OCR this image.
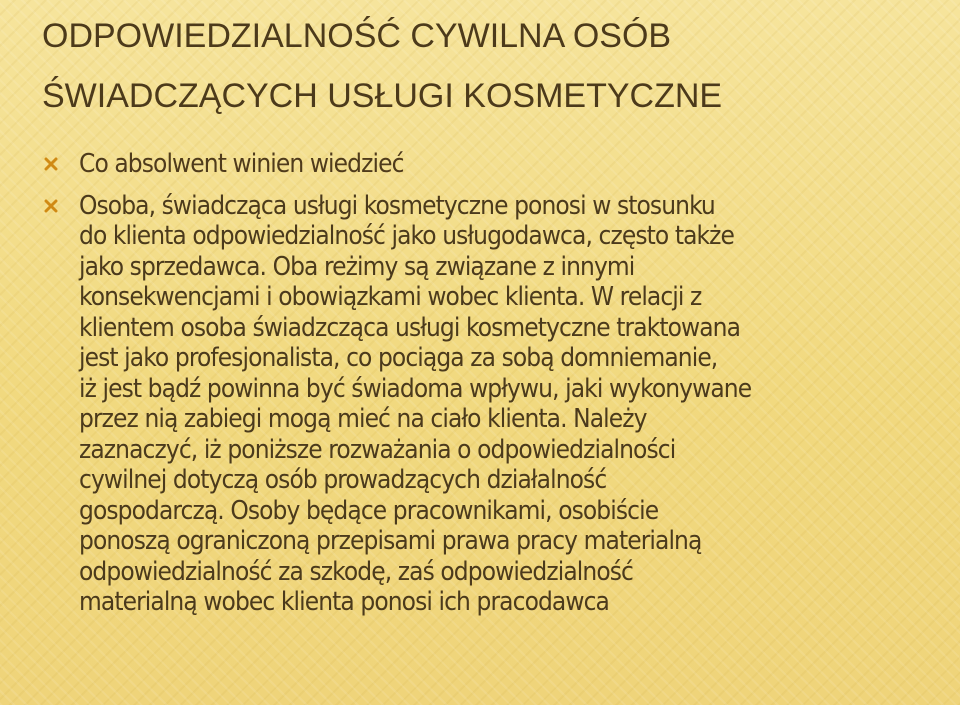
ODPOWIEDZIALNOŚĆ CYWILNA OSÓB
ŚWIADCZĄCYCH USŁUGI KOSMETYCZNE
Co absolwent winien wiedzieć
Osoba, świadcząca usługi kosmetyczne ponosi w stosunku
do klienta odpowiedzialność jako usługodawca, często także
jako sprzedawca. Oba reżimy są związane z innymi
konsekwencjami i obowiązkami wobec klienta. W relacji z
klientem osoba świadzcząca usługi kosmetyczne traktowana
jest jako profesjonalista, co pociąga za sobą domniemanie,
iż jest bądź powinna być świadoma wpływu, jaki wykonywane
przez nią zabiegi mogą mieć na ciało klienta. Należy
zaznaczyć, iż poniższe rozważania o odpowiedzialności
cywilnej dotyczą osób prowadzących działalność
gospodarczą. Osoby będące pracownikami, osobiście
ponoszą ograniczoną przepisami prawa pracy materialną
odpowiedzialność za szkodę, zaś odpowiedzialność
materialną wobec klienta ponosi ich pracodawca
